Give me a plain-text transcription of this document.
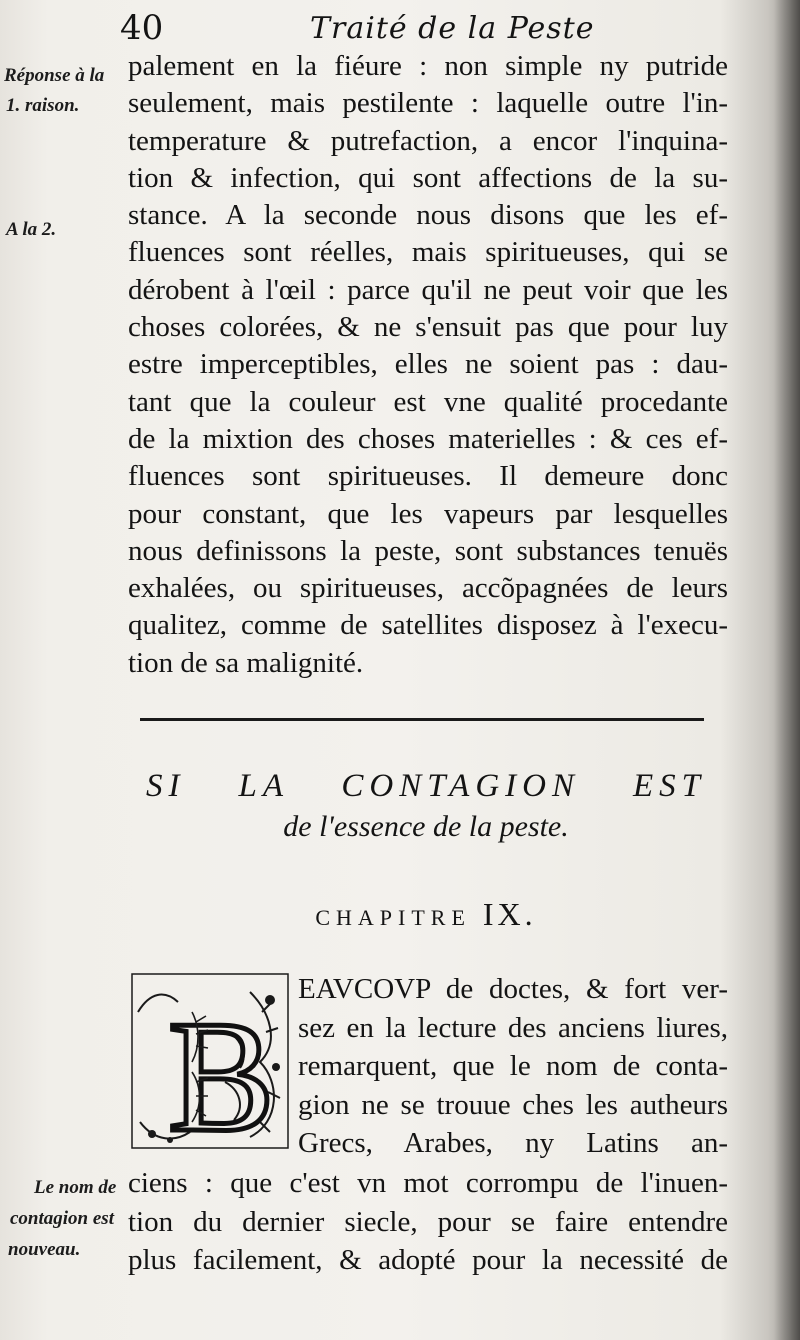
40	Traité de la Peste
Réponse à la
1. raison.
A la 2.
Le nom de
contagion est
nouveau.
palement en la fiéure : non simple ny putride
seulement, mais pestilente : laquelle outre l'in-
temperature & putrefaction, a encor l'inquina-
tion & infection, qui sont affections de la su-
stance. A la seconde nous disons que les ef-
fluences sont réelles, mais spiritueuses, qui se
dérobent à l'œil : parce qu'il ne peut voir que les
choses colorées, & ne s'ensuit pas que pour luy
estre imperceptibles, elles ne soient pas : dau-
tant que la couleur est vne qualité procedante
de la mixtion des choses materielles : & ces ef-
fluences sont spiritueuses. Il demeure donc
pour constant, que les vapeurs par lesquelles
nous definissons la peste, sont substances tenuës
exhalées, ou spiritueuses, accõpagnées de leurs
qualitez, comme de satellites disposez à l'execu-
tion de sa malignité.
SI LA CONTAGION EST
de l'essence de la peste.
CHAPITRE IX.
B EAVCOVP de doctes, & fort ver-
sez en la lecture des anciens liures,
remarquent, que le nom de conta-
gion ne se trouue ches les autheurs
Grecs, Arabes, ny Latins an-
ciens : que c'est vn mot corrompu de l'inuen-
tion du dernier siecle, pour se faire entendre
plus facilement, & adopté pour la necessité de
